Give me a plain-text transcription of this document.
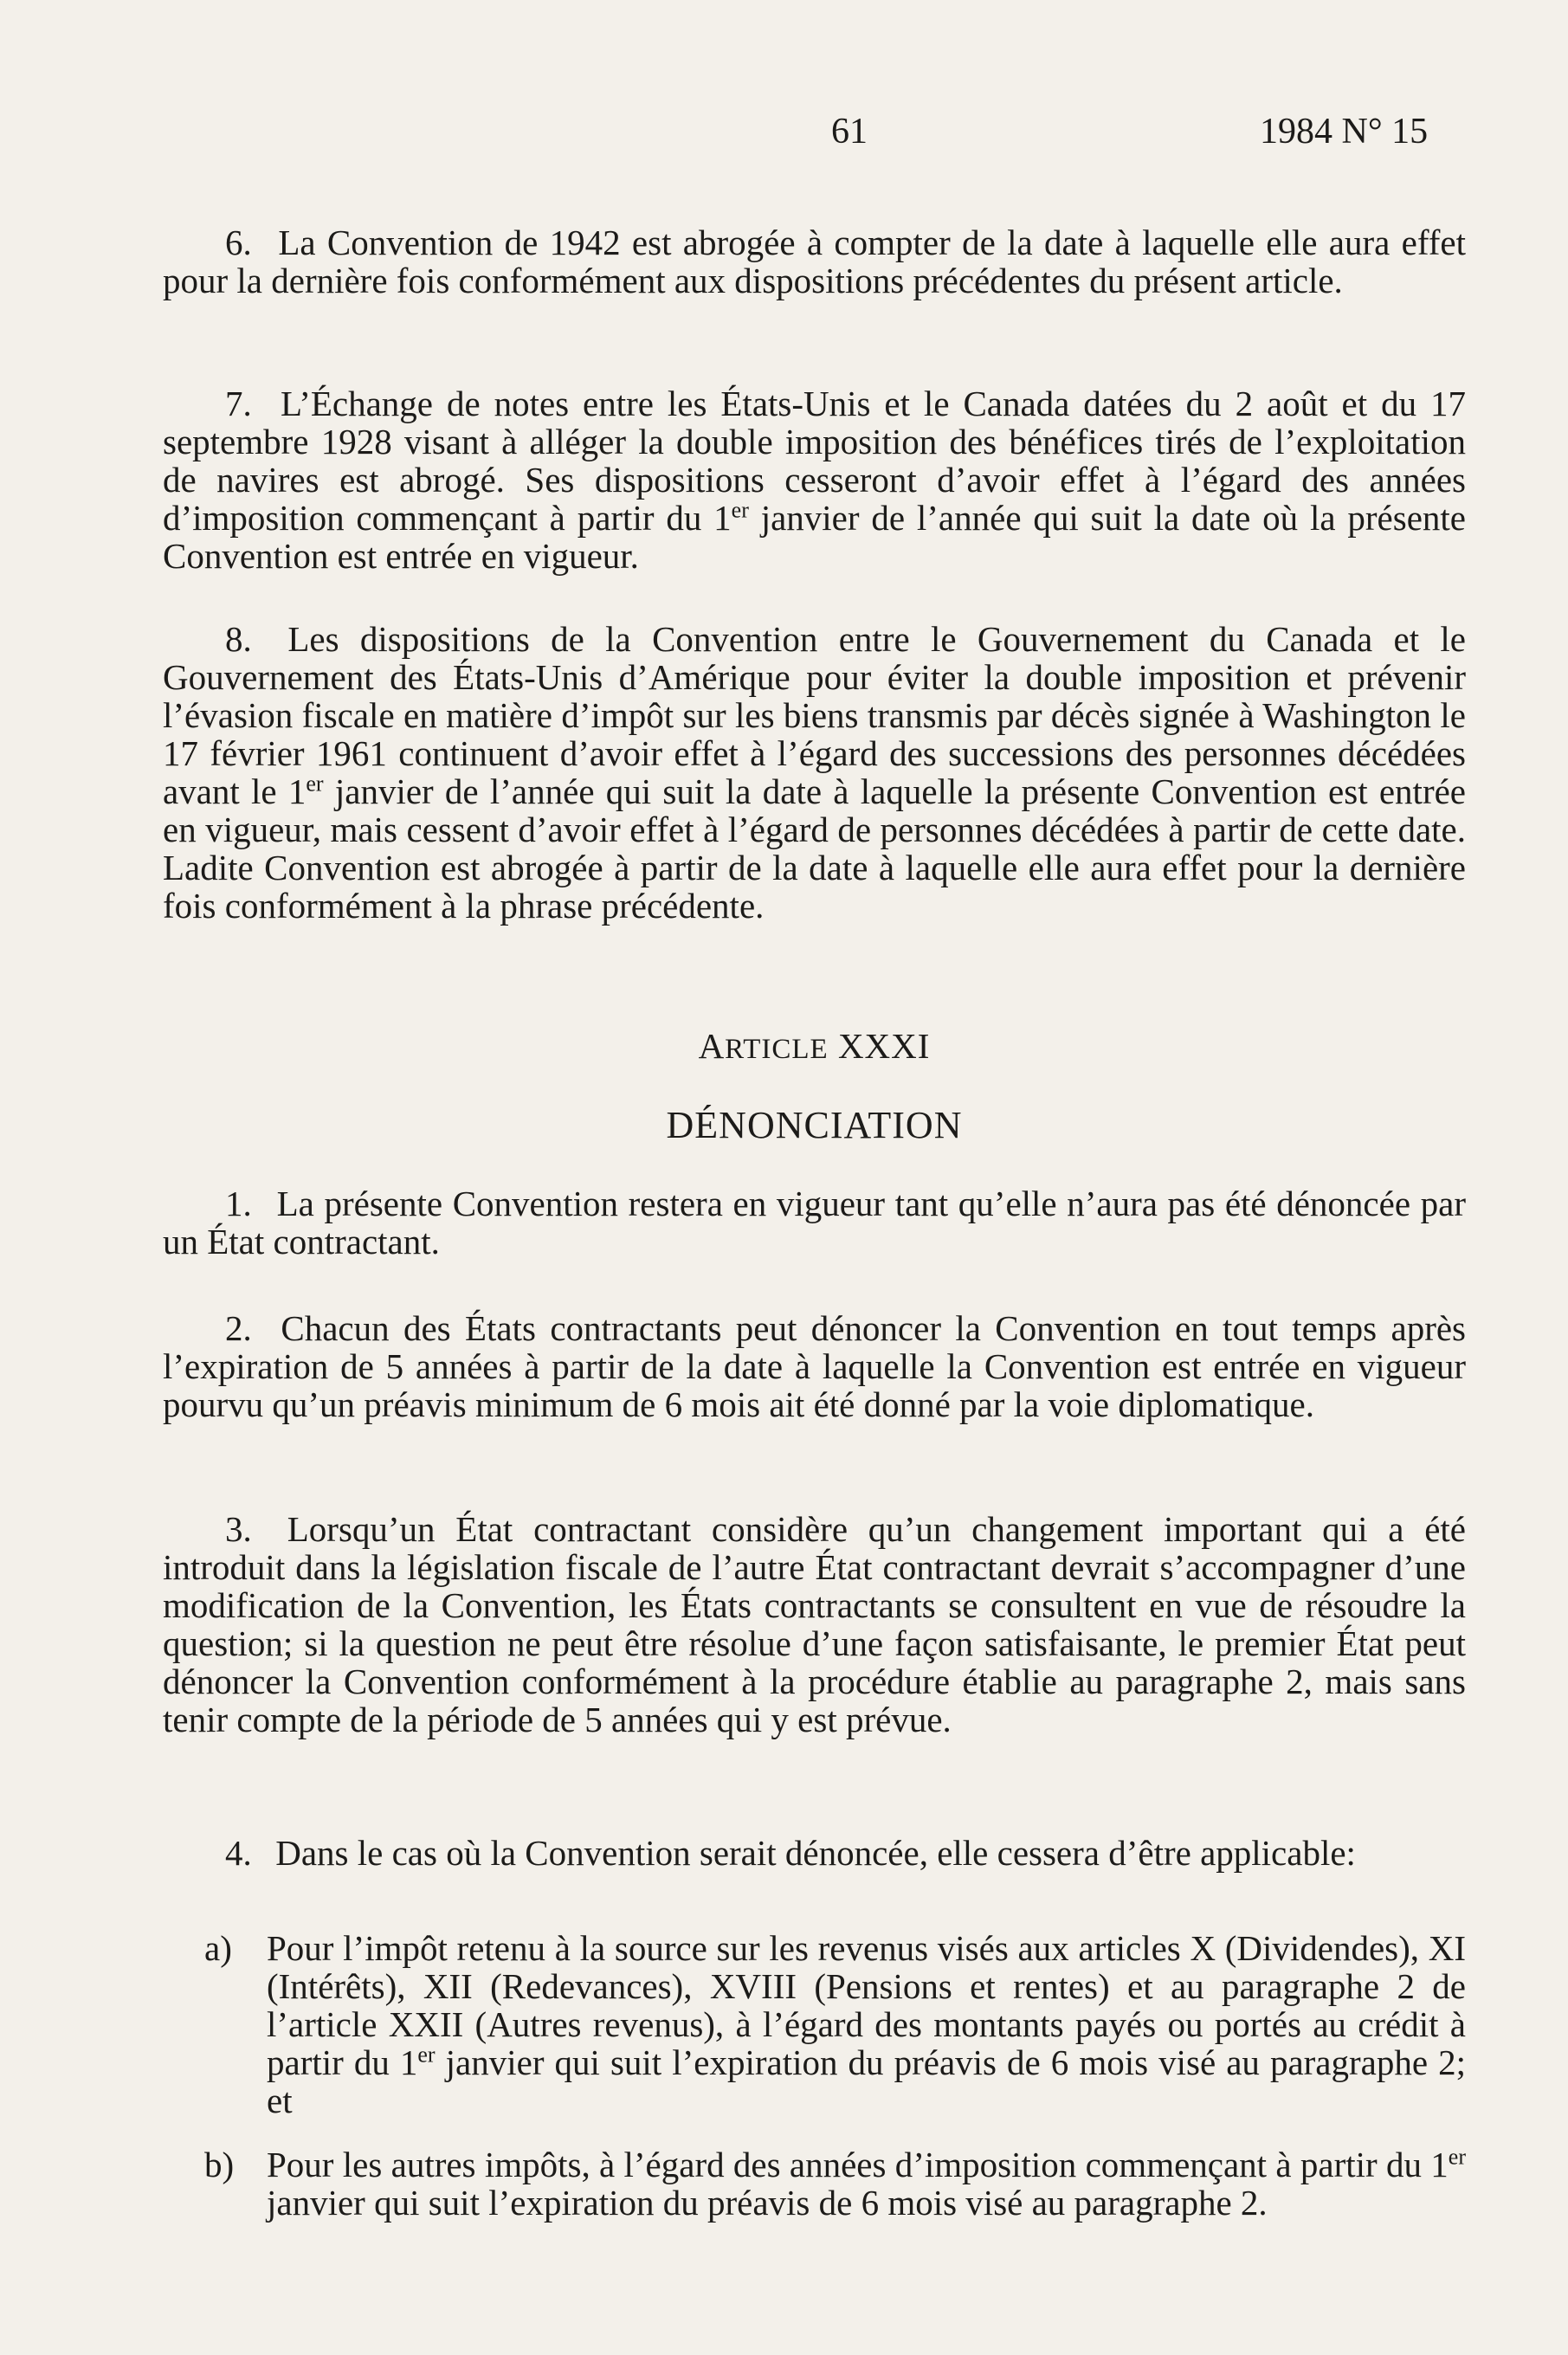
61	1984 N° 15

6. La Convention de 1942 est abrogée à compter de la date à laquelle elle aura effet pour la dernière fois conformément aux dispositions précédentes du présent article.

7. L’Échange de notes entre les États-Unis et le Canada datées du 2 août et du 17 septembre 1928 visant à alléger la double imposition des bénéfices tirés de l’exploitation de navires est abrogé. Ses dispositions cesseront d’avoir effet à l’égard des années d’imposition commençant à partir du 1er janvier de l’année qui suit la date où la présente Convention est entrée en vigueur.

8. Les dispositions de la Convention entre le Gouvernement du Canada et le Gouvernement des États-Unis d’Amérique pour éviter la double imposition et prévenir l’évasion fiscale en matière d’impôt sur les biens transmis par décès signée à Washington le 17 février 1961 continuent d’avoir effet à l’égard des successions des personnes décédées avant le 1er janvier de l’année qui suit la date à laquelle la présente Convention est entrée en vigueur, mais cessent d’avoir effet à l’égard de personnes décédées à partir de cette date. Ladite Convention est abrogée à partir de la date à laquelle elle aura effet pour la dernière fois conformément à la phrase précédente.

ARTICLE XXXI
DÉNONCIATION

1. La présente Convention restera en vigueur tant qu’elle n’aura pas été dénoncée par un État contractant.

2. Chacun des États contractants peut dénoncer la Convention en tout temps après l’expiration de 5 années à partir de la date à laquelle la Convention est entrée en vigueur pourvu qu’un préavis minimum de 6 mois ait été donné par la voie diplomatique.

3. Lorsqu’un État contractant considère qu’un changement important qui a été introduit dans la législation fiscale de l’autre État contractant devrait s’accompagner d’une modification de la Convention, les États contractants se consultent en vue de résoudre la question; si la question ne peut être résolue d’une façon satisfaisante, le premier État peut dénoncer la Convention conformément à la procédure établie au paragraphe 2, mais sans tenir compte de la période de 5 années qui y est prévue.

4. Dans le cas où la Convention serait dénoncée, elle cessera d’être applicable:

a) Pour l’impôt retenu à la source sur les revenus visés aux articles X (Dividendes), XI (Intérêts), XII (Redevances), XVIII (Pensions et rentes) et au paragraphe 2 de l’article XXII (Autres revenus), à l’égard des montants payés ou portés au crédit à partir du 1er janvier qui suit l’expiration du préavis de 6 mois visé au paragraphe 2; et

b) Pour les autres impôts, à l’égard des années d’imposition commençant à partir du 1er janvier qui suit l’expiration du préavis de 6 mois visé au paragraphe 2.
